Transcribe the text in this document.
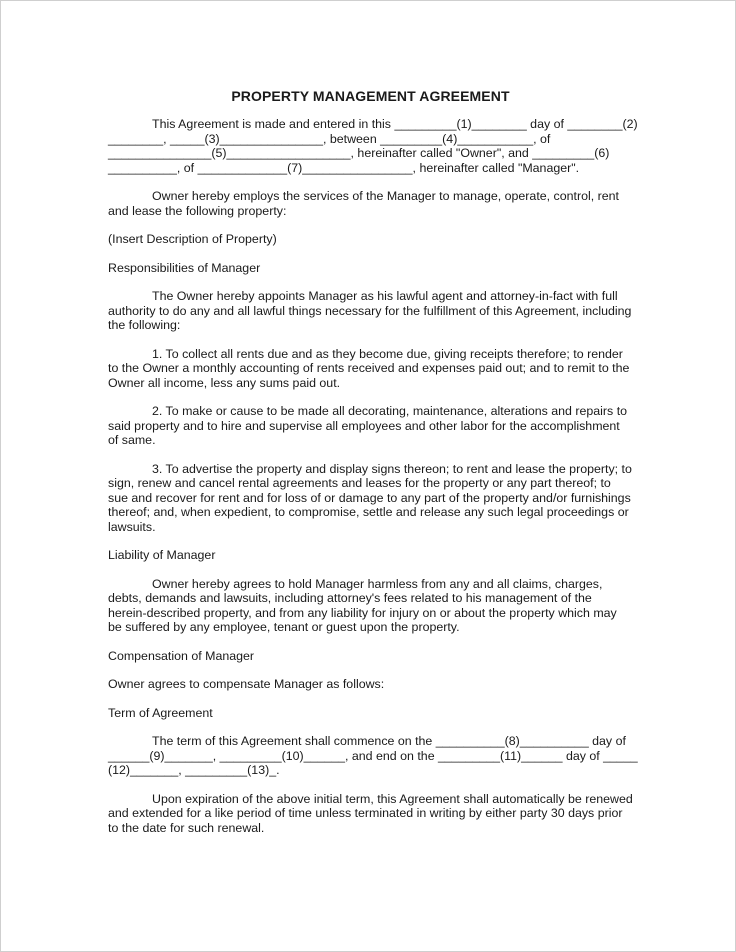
PROPERTY MANAGEMENT AGREEMENT

This Agreement is made and entered in this _________(1)________ day of ________(2)
________, _____(3)_______________, between _________(4)___________, of
_______________(5)__________________, hereinafter called "Owner", and _________(6)
__________, of _____________(7)________________, hereinafter called "Manager".

Owner hereby employs the services of the Manager to manage, operate, control, rent and lease the following property:

(Insert Description of Property)

Responsibilities of Manager

The Owner hereby appoints Manager as his lawful agent and attorney-in-fact with full authority to do any and all lawful things necessary for the fulfillment of this Agreement, including the following:

1. To collect all rents due and as they become due, giving receipts therefore; to render to the Owner a monthly accounting of rents received and expenses paid out; and to remit to the Owner all income, less any sums paid out.

2. To make or cause to be made all decorating, maintenance, alterations and repairs to said property and to hire and supervise all employees and other labor for the accomplishment of same.

3. To advertise the property and display signs thereon; to rent and lease the property; to sign, renew and cancel rental agreements and leases for the property or any part thereof; to sue and recover for rent and for loss of or damage to any part of the property and/or furnishings thereof; and, when expedient, to compromise, settle and release any such legal proceedings or lawsuits.

Liability of Manager

Owner hereby agrees to hold Manager harmless from any and all claims, charges, debts, demands and lawsuits, including attorney's fees related to his management of the herein-described property, and from any liability for injury on or about the property which may be suffered by any employee, tenant or guest upon the property.

Compensation of Manager

Owner agrees to compensate Manager as follows:

Term of Agreement

The term of this Agreement shall commence on the __________(8)__________ day of
______(9)_______, _________(10)______, and end on the _________(11)______ day of _____
(12)_______, _________(13)_.

Upon expiration of the above initial term, this Agreement shall automatically be renewed and extended for a like period of time unless terminated in writing by either party 30 days prior to the date for such renewal.
